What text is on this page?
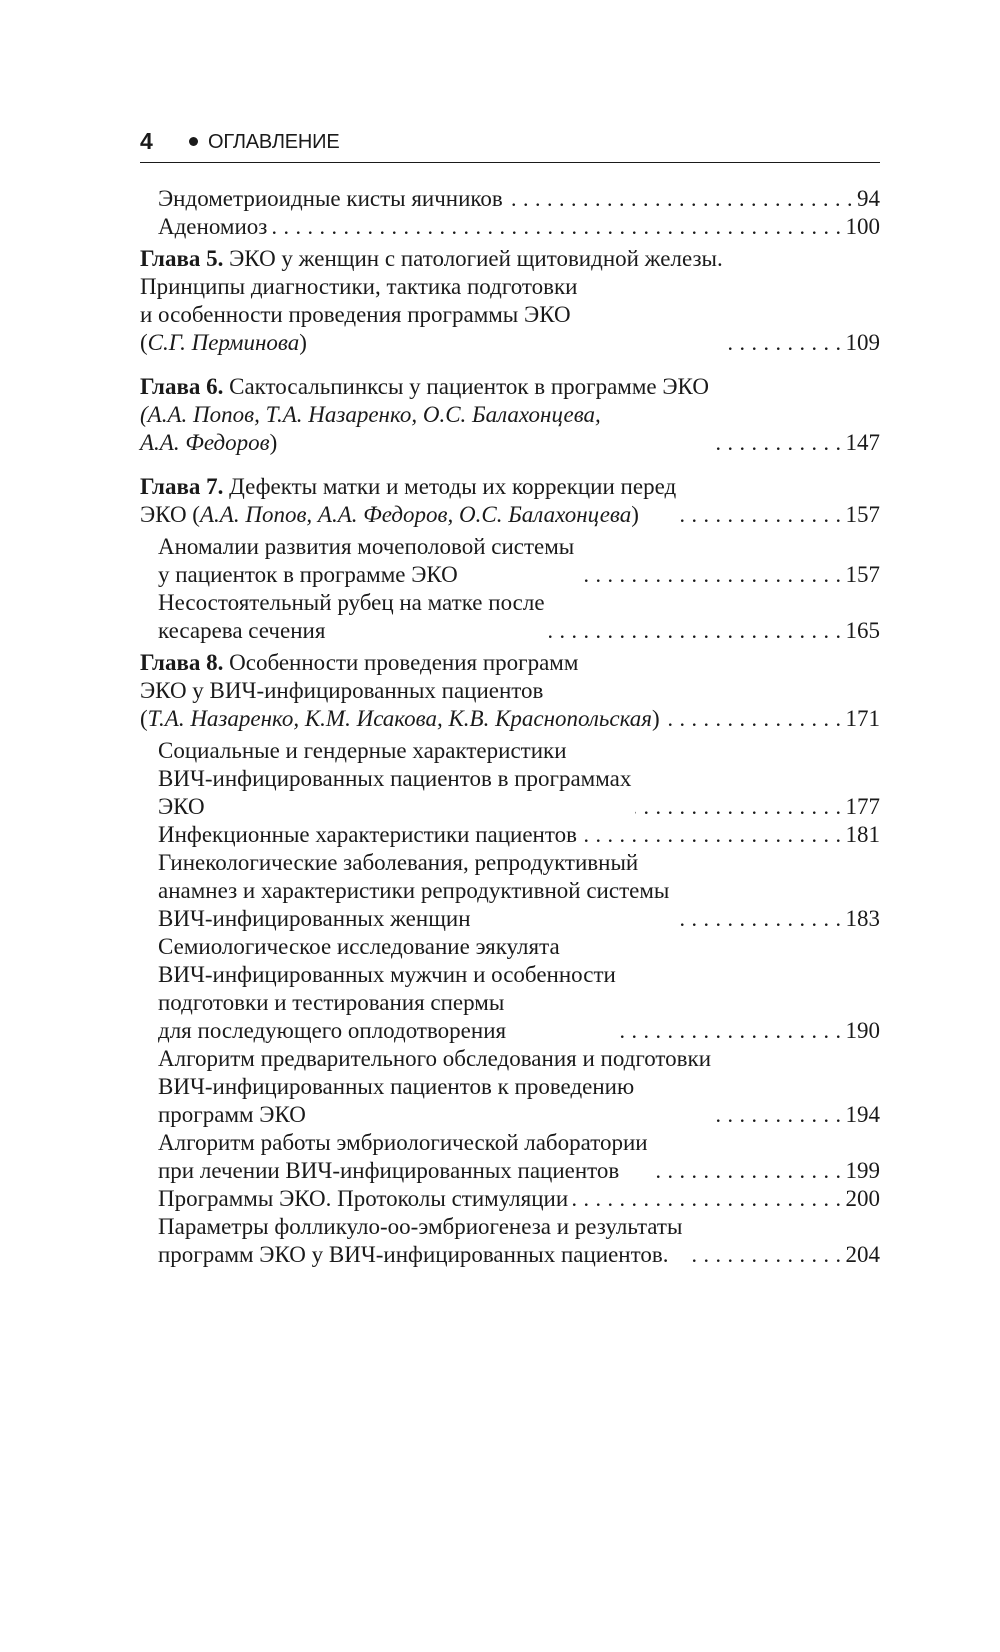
4	ОГЛАВЛЕНИЕ
Эндометриоидные кисты яичников . . .	94
Аденомиоз . . .	100
Глава 5. ЭКО у женщин с патологией щитовидной железы.
Принципы диагностики, тактика подготовки
и особенности проведения программы ЭКО
(С.Г. Перминова) . . .	109
Глава 6. Сактосальпинксы у пациенток в программе ЭКО
(А.А. Попов, Т.А. Назаренко, О.С. Балахонцева,
А.А. Федоров) . . .	147
Глава 7. Дефекты матки и методы их коррекции перед
ЭКО (А.А. Попов, А.А. Федоров, О.С. Балахонцева) . . .	157
Аномалии развития мочеполовой системы
у пациенток в программе ЭКО . . .	157
Несостоятельный рубец на матке после
кесарева сечения . . .	165
Глава 8. Особенности проведения программ
ЭКО у ВИЧ-инфицированных пациентов
(Т.А. Назаренко, К.М. Исакова, К.В. Краснопольская) . . .	171
Социальные и гендерные характеристики
ВИЧ-инфицированных пациентов в программах
ЭКО . . .	177
Инфекционные характеристики пациентов . . .	181
Гинекологические заболевания, репродуктивный
анамнез и характеристики репродуктивной системы
ВИЧ-инфицированных женщин . . .	183
Семиологическое исследование эякулята
ВИЧ-инфицированных мужчин и особенности
подготовки и тестирования спермы
для последующего оплодотворения . . .	190
Алгоритм предварительного обследования и подготовки
ВИЧ-инфицированных пациентов к проведению
программ ЭКО . . .	194
Алгоритм работы эмбриологической лаборатории
при лечении ВИЧ-инфицированных пациентов . . .	199
Программы ЭКО. Протоколы стимуляции . . .	200
Параметры фолликуло-оо-эмбриогенеза и результаты
программ ЭКО у ВИЧ-инфицированных пациентов. . . .	204
